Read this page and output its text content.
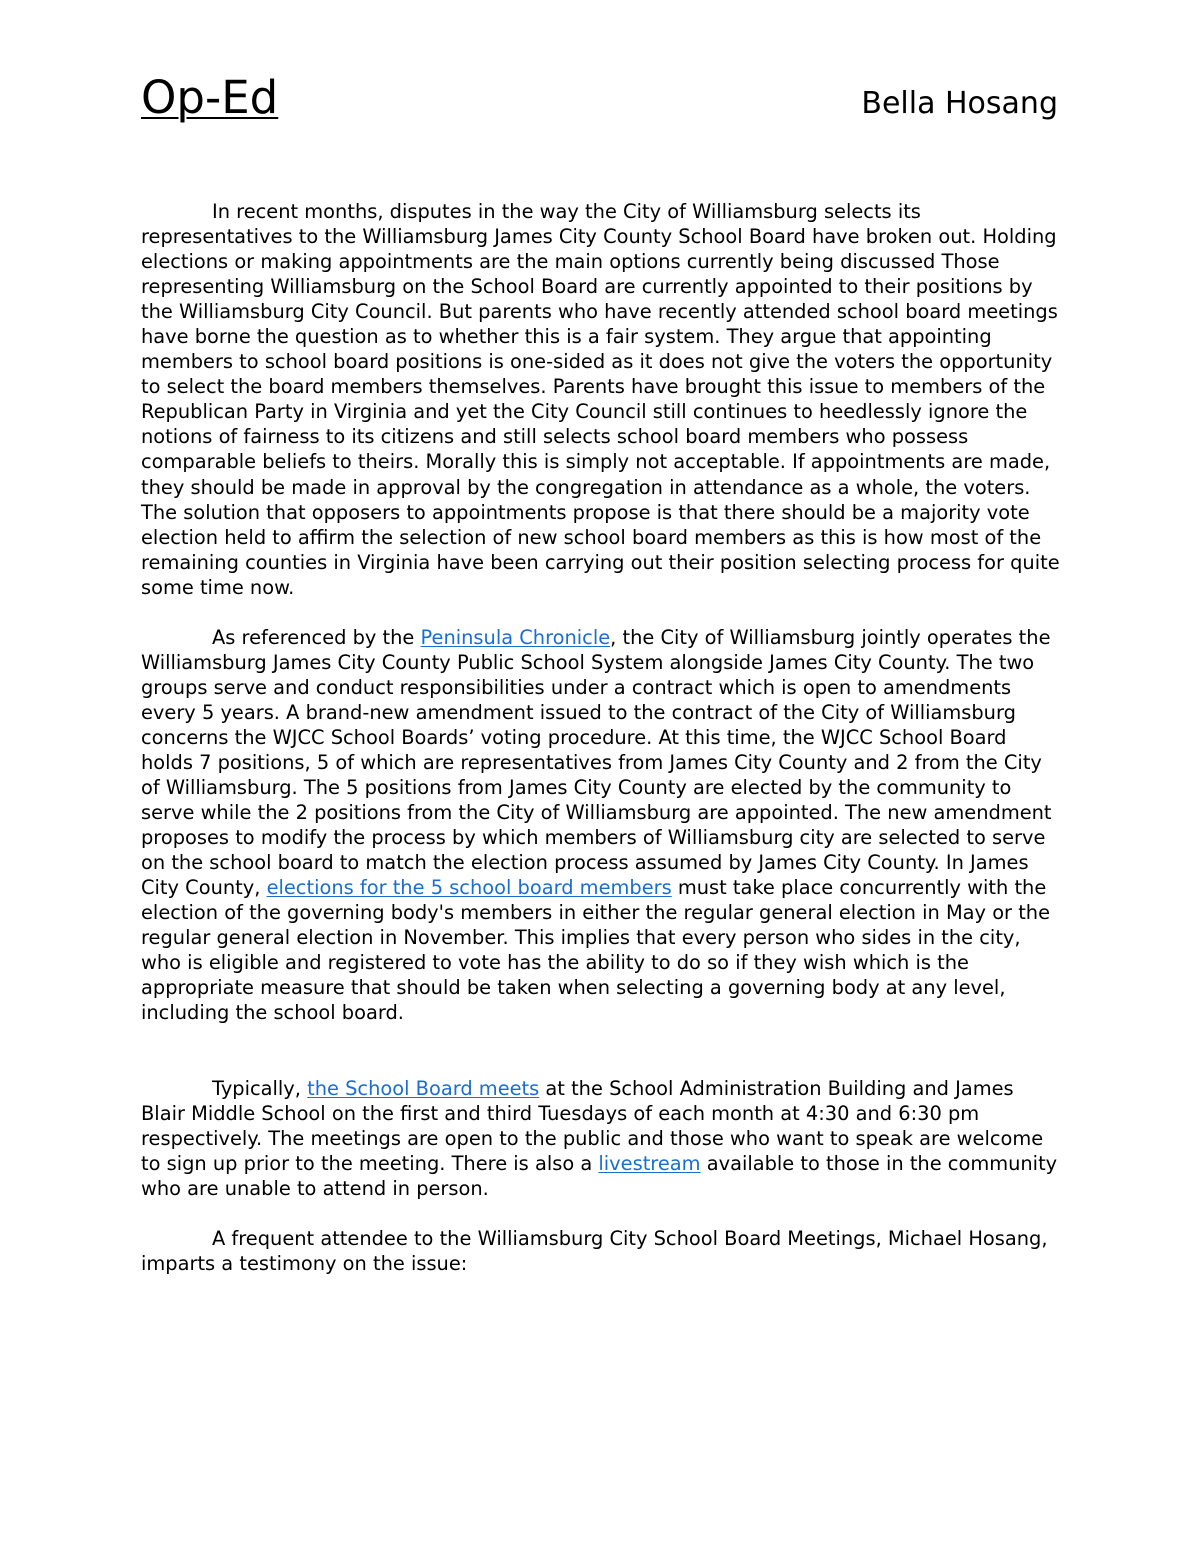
Op-Ed	Bella Hosang

In recent months, disputes in the way the City of Williamsburg selects its representatives to the Williamsburg James City County School Board have broken out. Holding elections or making appointments are the main options currently being discussed Those representing Williamsburg on the School Board are currently appointed to their positions by the Williamsburg City Council. But parents who have recently attended school board meetings have borne the question as to whether this is a fair system. They argue that appointing members to school board positions is one-sided as it does not give the voters the opportunity to select the board members themselves. Parents have brought this issue to members of the Republican Party in Virginia and yet the City Council still continues to heedlessly ignore the notions of fairness to its citizens and still selects school board members who possess comparable beliefs to theirs. Morally this is simply not acceptable. If appointments are made, they should be made in approval by the congregation in attendance as a whole, the voters. The solution that opposers to appointments propose is that there should be a majority vote election held to affirm the selection of new school board members as this is how most of the remaining counties in Virginia have been carrying out their position selecting process for quite some time now.

As referenced by the Peninsula Chronicle, the City of Williamsburg jointly operates the Williamsburg James City County Public School System alongside James City County. The two groups serve and conduct responsibilities under a contract which is open to amendments every 5 years. A brand-new amendment issued to the contract of the City of Williamsburg concerns the WJCC School Boards’ voting procedure. At this time, the WJCC School Board holds 7 positions, 5 of which are representatives from James City County and 2 from the City of Williamsburg. The 5 positions from James City County are elected by the community to serve while the 2 positions from the City of Williamsburg are appointed. The new amendment proposes to modify the process by which members of Williamsburg city are selected to serve on the school board to match the election process assumed by James City County. In James City County, elections for the 5 school board members must take place concurrently with the election of the governing body's members in either the regular general election in May or the regular general election in November. This implies that every person who sides in the city, who is eligible and registered to vote has the ability to do so if they wish which is the appropriate measure that should be taken when selecting a governing body at any level, including the school board.

Typically, the School Board meets at the School Administration Building and James Blair Middle School on the first and third Tuesdays of each month at 4:30 and 6:30 pm respectively. The meetings are open to the public and those who want to speak are welcome to sign up prior to the meeting. There is also a livestream available to those in the community who are unable to attend in person.

A frequent attendee to the Williamsburg City School Board Meetings, Michael Hosang, imparts a testimony on the issue:
